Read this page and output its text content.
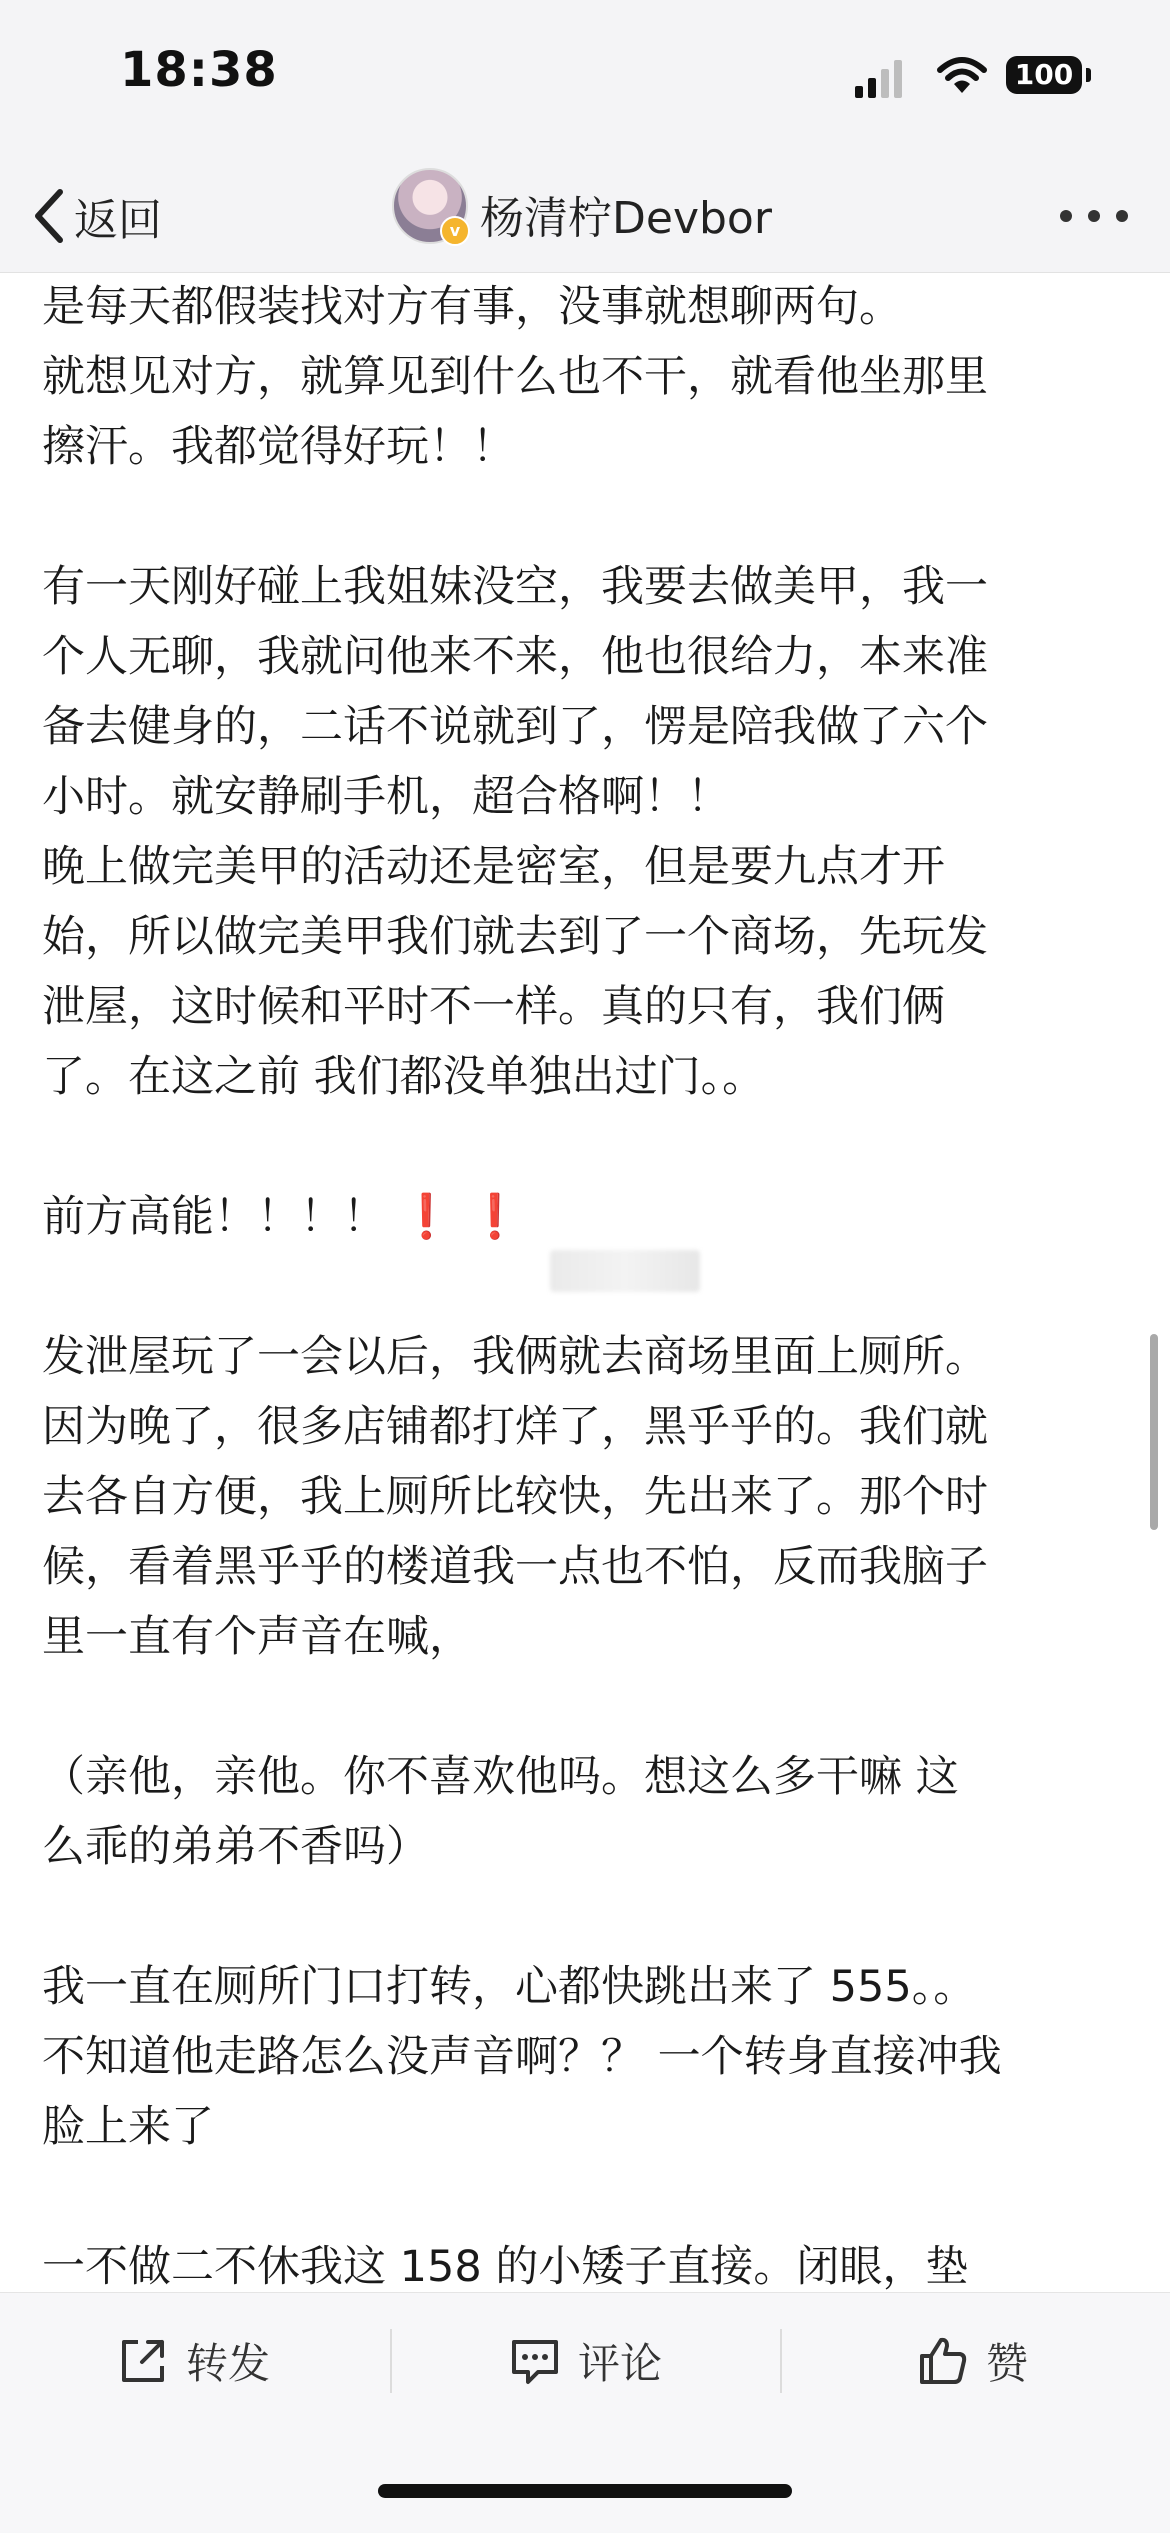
18:38	100
返回	v 杨清柠Devbor

是每天都假装找对方有事，没事就想聊两句。
就想见对方，就算见到什么也不干，就看他坐那里
擦汗。我都觉得好玩！！

有一天刚好碰上我姐妹没空，我要去做美甲，我一
个人无聊，我就问他来不来，他也很给力，本来准
备去健身的，二话不说就到了，愣是陪我做了六个
小时。就安静刷手机，超合格啊！！
晚上做完美甲的活动还是密室，但是要九点才开
始，所以做完美甲我们就去到了一个商场，先玩发
泄屋，这时候和平时不一样。真的只有，我们俩
了。在这之前 我们都没单独出过门。。

前方高能！！！！ ❗ ❗

发泄屋玩了一会以后，我俩就去商场里面上厕所。
因为晚了，很多店铺都打烊了，黑乎乎的。我们就
去各自方便，我上厕所比较快，先出来了。那个时
候，看着黑乎乎的楼道我一点也不怕，反而我脑子
里一直有个声音在喊，

（亲他，亲他。你不喜欢他吗。想这么多干嘛 这
么乖的弟弟不香吗）

我一直在厕所门口打转，心都快跳出来了 555。。
不知道他走路怎么没声音啊？？ 一个转身直接冲我
脸上来了

一不做二不休我这 158 的小矮子直接。闭眼，垫

转发	评论	赞
